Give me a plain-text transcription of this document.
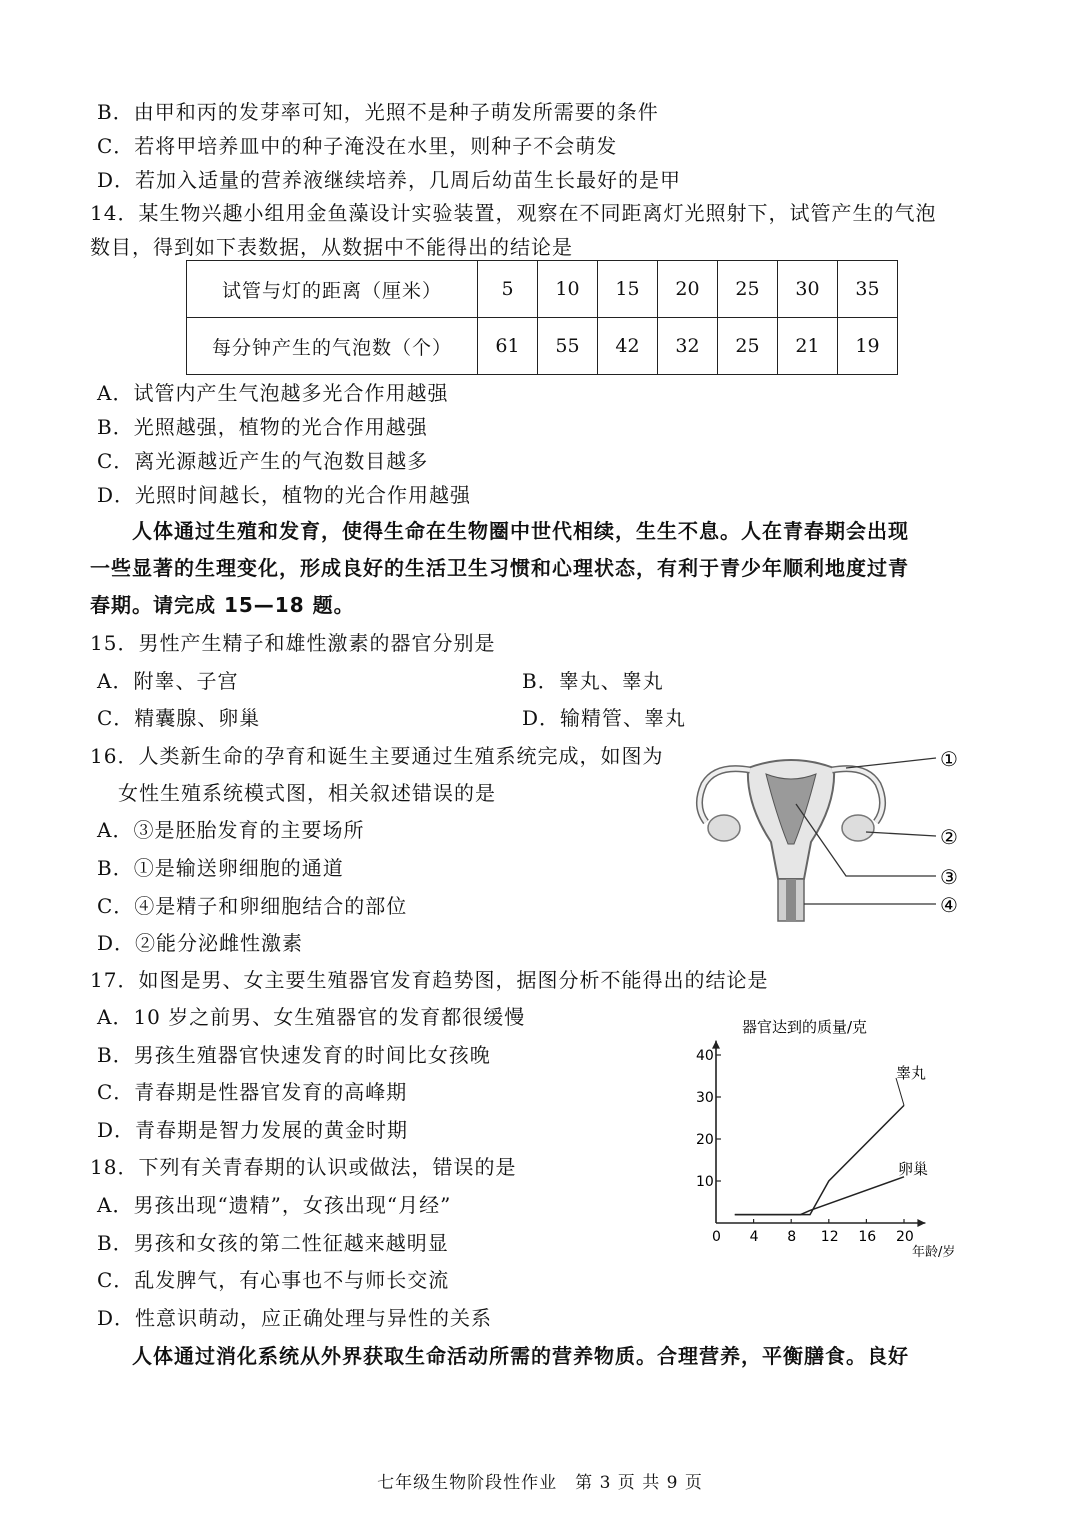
B．由甲和丙的发芽率可知，光照不是种子萌发所需要的条件
C．若将甲培养皿中的种子淹没在水里，则种子不会萌发
D．若加入适量的营养液继续培养，几周后幼苗生长最好的是甲
14．某生物兴趣小组用金鱼藻设计实验装置，观察在不同距离灯光照射下，试管产生的气泡
数目，得到如下表数据，从数据中不能得出的结论是
试管与灯的距离（厘米）	5	10	15	20	25	30	35
每分钟产生的气泡数（个）	61	55	42	32	25	21	19
A．试管内产生气泡越多光合作用越强
B．光照越强，植物的光合作用越强
C．离光源越近产生的气泡数目越多
D．光照时间越长，植物的光合作用越强
人体通过生殖和发育，使得生命在生物圈中世代相续，生生不息。人在青春期会出现
一些显著的生理变化，形成良好的生活卫生习惯和心理状态，有利于青少年顺利地度过青
春期。请完成 15—18 题。
15．男性产生精子和雄性激素的器官分别是
A．附睾、子宫	B．睾丸、睾丸
C．精囊腺、卵巢	D．输精管、睾丸
16．人类新生命的孕育和诞生主要通过生殖系统完成，如图为
女性生殖系统模式图，相关叙述错误的是
A．③是胚胎发育的主要场所
B．①是输送卵细胞的通道
C．④是精子和卵细胞结合的部位
D．②能分泌雌性激素
①
②
③
④
17．如图是男、女主要生殖器官发育趋势图，据图分析不能得出的结论是
A．10 岁之前男、女生殖器官的发育都很缓慢
B．男孩生殖器官快速发育的时间比女孩晚
C．青春期是性器官发育的高峰期
D．青春期是智力发展的黄金时期
18．下列有关青春期的认识或做法，错误的是
A．男孩出现“遗精”，女孩出现“月经”
B．男孩和女孩的第二性征越来越明显
C．乱发脾气，有心事也不与师长交流
D．性意识萌动，应正确处理与异性的关系
人体通过消化系统从外界获取生命活动所需的营养物质。合理营养，平衡膳食。良好
0 4 8 12 16 20
10
20
30
40
器官达到的质量/克
年龄/岁
睾丸
卵巢
七年级生物阶段性作业　第 3 页 共 9 页
